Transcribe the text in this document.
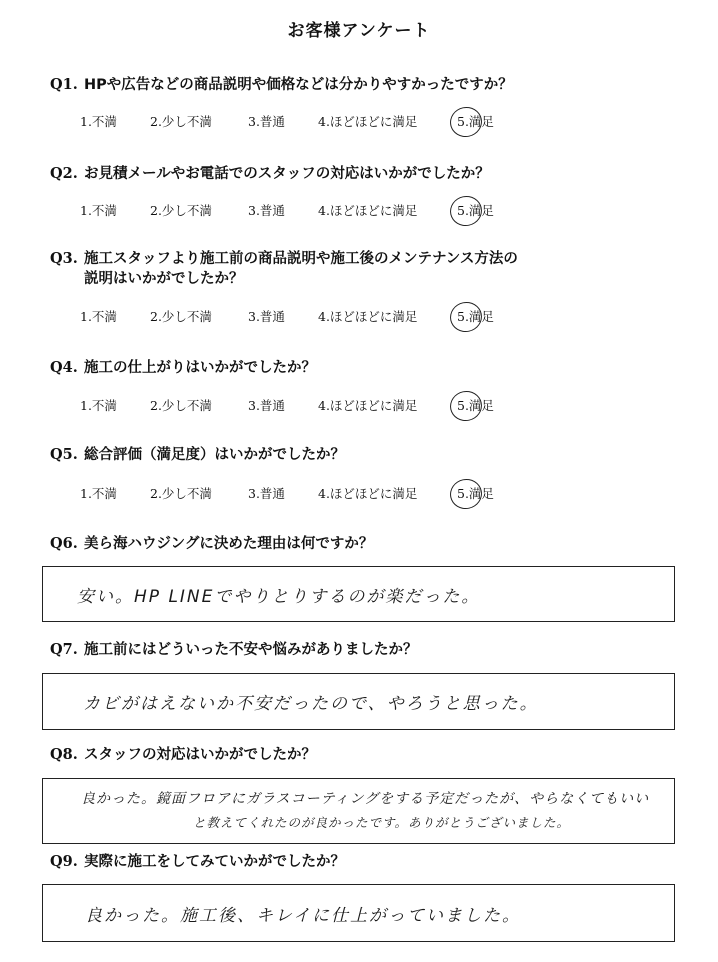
お客様アンケート
Q1. HPや広告などの商品説明や価格などは分かりやすかったですか？
1.不満	2.少し不満	3.普通	4.ほどほどに満足	5.満足
Q2. お見積メールやお電話でのスタッフの対応はいかがでしたか？
1.不満	2.少し不満	3.普通	4.ほどほどに満足	5.満足
Q3. 施工スタッフより施工前の商品説明や施工後のメンテナンス方法の
説明はいかがでしたか？
1.不満	2.少し不満	3.普通	4.ほどほどに満足	5.満足
Q4. 施工の仕上がりはいかがでしたか？
1.不満	2.少し不満	3.普通	4.ほどほどに満足	5.満足
Q5. 総合評価（満足度）はいかがでしたか？
1.不満	2.少し不満	3.普通	4.ほどほどに満足	5.満足
Q6. 美ら海ハウジングに決めた理由は何ですか？
安い。HP LINEでやりとりするのが楽だった。
Q7. 施工前にはどういった不安や悩みがありましたか？
カビがはえないか不安だったので、やろうと思った。
Q8. スタッフの対応はいかがでしたか？
良かった。鏡面フロアにガラスコーティングをする予定だったが、やらなくてもいい
と教えてくれたのが良かったです。ありがとうございました。
Q9. 実際に施工をしてみていかがでしたか？
良かった。施工後、キレイに仕上がっていました。
